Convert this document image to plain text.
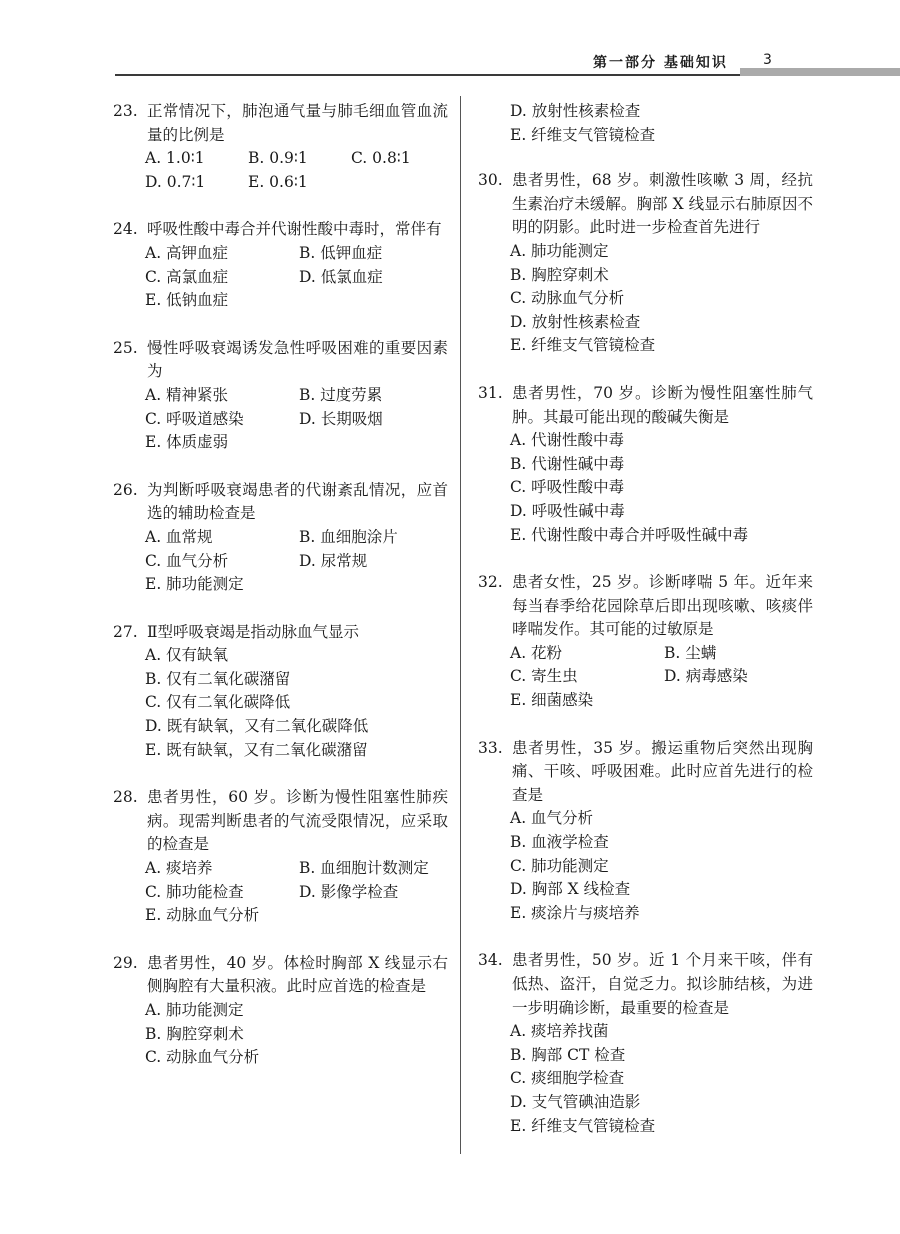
第一部分 基础知识	3
23. 正常情况下，肺泡通气量与肺毛细血管血流量的比例是
A. 1.0∶1	B. 0.9∶1	C. 0.8∶1
D. 0.7∶1	E. 0.6∶1
24. 呼吸性酸中毒合并代谢性酸中毒时，常伴有
A. 高钾血症	B. 低钾血症
C. 高氯血症	D. 低氯血症
E. 低钠血症
25. 慢性呼吸衰竭诱发急性呼吸困难的重要因素为
A. 精神紧张	B. 过度劳累
C. 呼吸道感染	D. 长期吸烟
E. 体质虚弱
26. 为判断呼吸衰竭患者的代谢紊乱情况，应首选的辅助检查是
A. 血常规	B. 血细胞涂片
C. 血气分析	D. 尿常规
E. 肺功能测定
27. Ⅱ型呼吸衰竭是指动脉血气显示
A. 仅有缺氧
B. 仅有二氧化碳潴留
C. 仅有二氧化碳降低
D. 既有缺氧，又有二氧化碳降低
E. 既有缺氧，又有二氧化碳潴留
28. 患者男性，60 岁。诊断为慢性阻塞性肺疾病。现需判断患者的气流受限情况，应采取的检查是
A. 痰培养	B. 血细胞计数测定
C. 肺功能检查	D. 影像学检查
E. 动脉血气分析
29. 患者男性，40 岁。体检时胸部 X 线显示右侧胸腔有大量积液。此时应首选的检查是
A. 肺功能测定
B. 胸腔穿刺术
C. 动脉血气分析
D. 放射性核素检查
E. 纤维支气管镜检查
30. 患者男性，68 岁。刺激性咳嗽 3 周，经抗生素治疗未缓解。胸部 X 线显示右肺原因不明的阴影。此时进一步检查首先进行
A. 肺功能测定
B. 胸腔穿刺术
C. 动脉血气分析
D. 放射性核素检查
E. 纤维支气管镜检查
31. 患者男性，70 岁。诊断为慢性阻塞性肺气肿。其最可能出现的酸碱失衡是
A. 代谢性酸中毒
B. 代谢性碱中毒
C. 呼吸性酸中毒
D. 呼吸性碱中毒
E. 代谢性酸中毒合并呼吸性碱中毒
32. 患者女性，25 岁。诊断哮喘 5 年。近年来每当春季给花园除草后即出现咳嗽、咳痰伴哮喘发作。其可能的过敏原是
A. 花粉	B. 尘螨
C. 寄生虫	D. 病毒感染
E. 细菌感染
33. 患者男性，35 岁。搬运重物后突然出现胸痛、干咳、呼吸困难。此时应首先进行的检查是
A. 血气分析
B. 血液学检查
C. 肺功能测定
D. 胸部 X 线检查
E. 痰涂片与痰培养
34. 患者男性，50 岁。近 1 个月来干咳，伴有低热、盗汗，自觉乏力。拟诊肺结核，为进一步明确诊断，最重要的检查是
A. 痰培养找菌
B. 胸部 CT 检查
C. 痰细胞学检查
D. 支气管碘油造影
E. 纤维支气管镜检查
